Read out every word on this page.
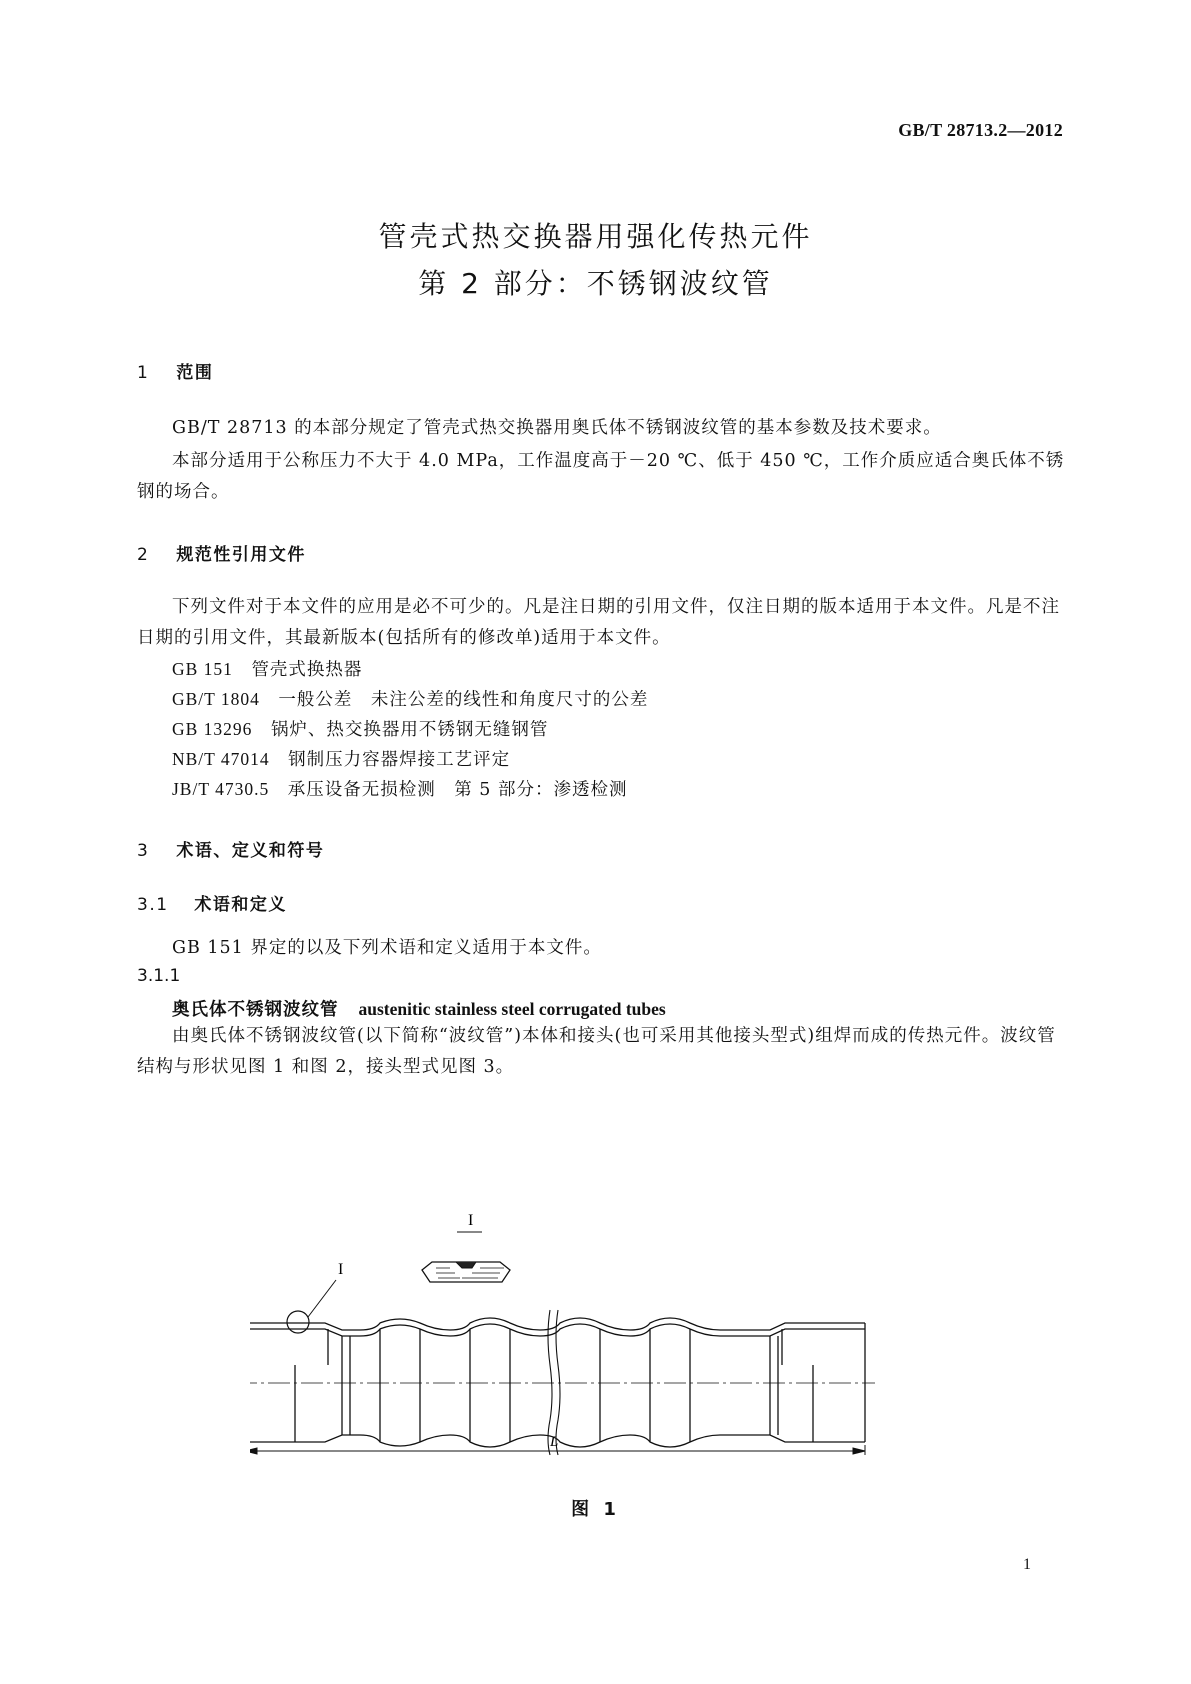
GB/T 28713.2—2012
管壳式热交换器用强化传热元件
第 2 部分：不锈钢波纹管
1 范围
GB/T 28713 的本部分规定了管壳式热交换器用奥氏体不锈钢波纹管的基本参数及技术要求。
本部分适用于公称压力不大于 4.0 MPa，工作温度高于－20 ℃、低于 450 ℃，工作介质应适合奥氏体不锈钢的场合。
2 规范性引用文件
下列文件对于本文件的应用是必不可少的。凡是注日期的引用文件，仅注日期的版本适用于本文件。凡是不注日期的引用文件，其最新版本(包括所有的修改单)适用于本文件。
GB 151　 管壳式换热器
GB/T 1804　 一般公差　未注公差的线性和角度尺寸的公差
GB 13296　 锅炉、热交换器用不锈钢无缝钢管
NB/T 47014　 钢制压力容器焊接工艺评定
JB/T 4730.5　 承压设备无损检测　第 5 部分：渗透检测
3 术语、定义和符号
3.1 术语和定义
GB 151 界定的以及下列术语和定义适用于本文件。
3.1.1
奥氏体不锈钢波纹管 austenitic stainless steel corrugated tubes
由奥氏体不锈钢波纹管(以下简称“波纹管”)本体和接头(也可采用其他接头型式)组焊而成的传热元件。波纹管结构与形状见图 1 和图 2，接头型式见图 3。
I
I
L
图 1
1
